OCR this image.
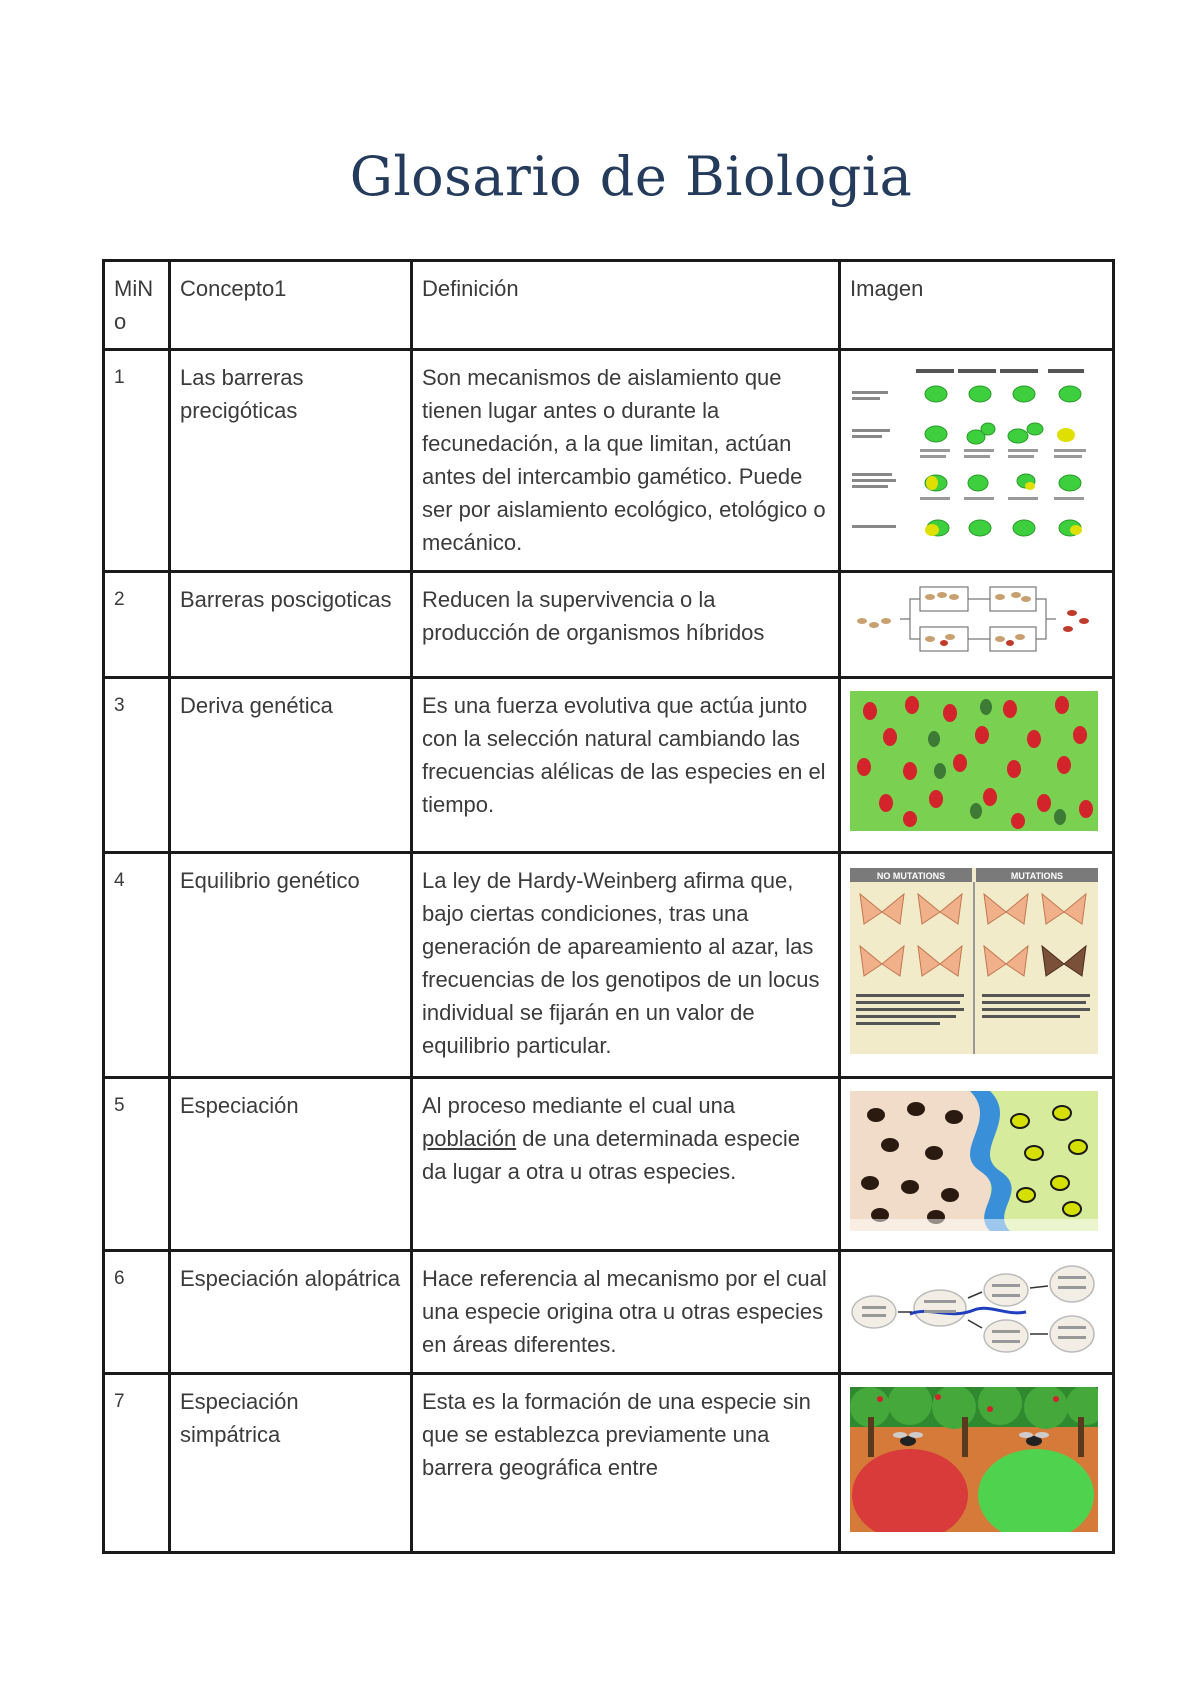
Glosario de Biologia
MiN o	Concepto1	Definición	Imagen
1	Las barreras precigóticas	Son mecanismos de aislamiento que tienen lugar antes o durante la fecunedación, a la que limitan, actúan antes del intercambio gamético. Puede ser por aislamiento ecológico, etológico o mecánico.	

2	Barreras poscigoticas	Reducen la supervivencia o la producción de organismos híbridos	

3	Deriva genética	Es una fuerza evolutiva que actúa junto con la selección natural cambiando las frecuencias alélicas de las especies en el tiempo.	

4	Equilibrio genético	La ley de Hardy-Weinberg afirma que, bajo ciertas condiciones, tras una generación de apareamiento al azar, las frecuencias de los genotipos de un locus individual se fijarán en un valor de equilibrio particular.	NO MUTATIONS MUTATIONS

5	Especiación	Al proceso mediante el cual una población de una determinada especie da lugar a otra u otras especies.	

6	Especiación alopátrica	Hace referencia al mecanismo por el cual una especie origina otra u otras especies en áreas diferentes.	

7	Especiación simpátrica	Esta es la formación de una especie sin que se establezca previamente una barrera geográfica entre	
